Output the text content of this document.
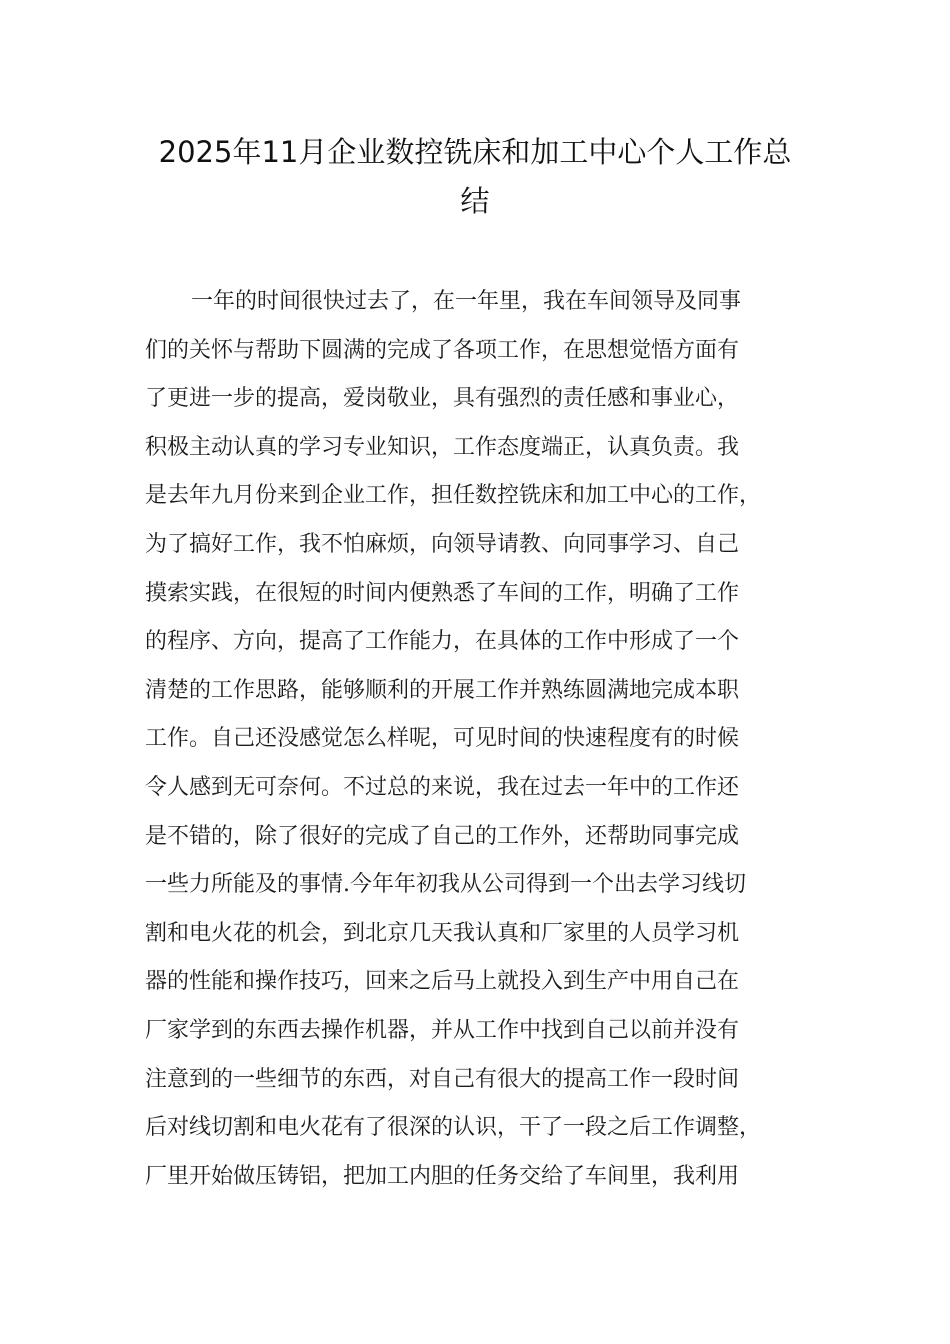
2025年11月企业数控铣床和加工中心个人工作总
结
一年的时间很快过去了，在一年里，我在车间领导及同事
们的关怀与帮助下圆满的完成了各项工作，在思想觉悟方面有
了更进一步的提高，爱岗敬业，具有强烈的责任感和事业心，
积极主动认真的学习专业知识，工作态度端正，认真负责。我
是去年九月份来到企业工作，担任数控铣床和加工中心的工作，
为了搞好工作，我不怕麻烦，向领导请教、向同事学习、自己
摸索实践，在很短的时间内便熟悉了车间的工作，明确了工作
的程序、方向，提高了工作能力，在具体的工作中形成了一个
清楚的工作思路，能够顺利的开展工作并熟练圆满地完成本职
工作。自己还没感觉怎么样呢，可见时间的快速程度有的时候
令人感到无可奈何。不过总的来说，我在过去一年中的工作还
是不错的，除了很好的完成了自己的工作外，还帮助同事完成
一些力所能及的事情.今年年初我从公司得到一个出去学习线切
割和电火花的机会，到北京几天我认真和厂家里的人员学习机
器的性能和操作技巧，回来之后马上就投入到生产中用自己在
厂家学到的东西去操作机器，并从工作中找到自己以前并没有
注意到的一些细节的东西，对自己有很大的提高工作一段时间
后对线切割和电火花有了很深的认识，干了一段之后工作调整，
厂里开始做压铸铝，把加工内胆的任务交给了车间里，我利用
